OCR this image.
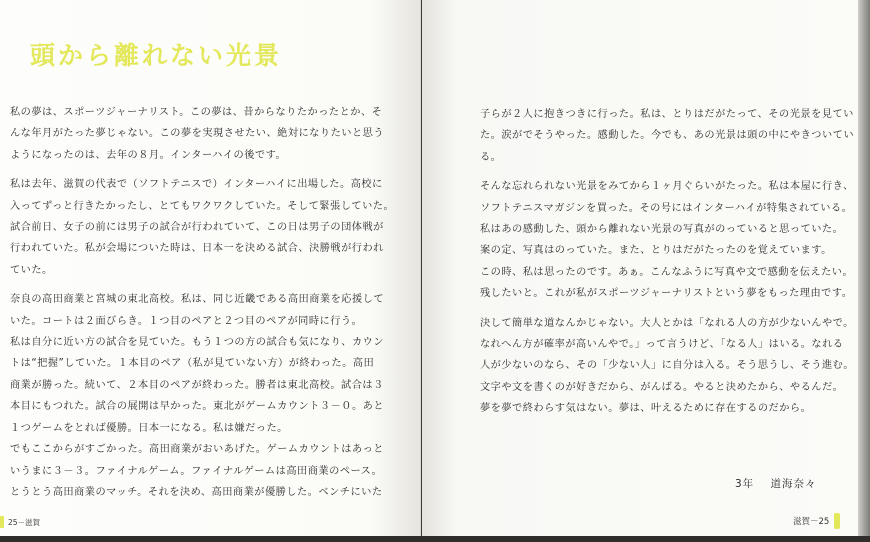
頭から離れない光景
私の夢は、スポーツジャーナリスト。この夢は、昔からなりたかったとか、そ
んな年月がたった夢じゃない。この夢を実現させたい、絶対になりたいと思う
ようになったのは、去年の８月。インターハイの後です。
私は去年、滋賀の代表で（ソフトテニスで）インターハイに出場した。高校に
入ってずっと行きたかったし、とてもワクワクしていた。そして緊張していた。
試合前日、女子の前には男子の試合が行われていて、この日は男子の団体戦が
行われていた。私が会場についた時は、日本一を決める試合、決勝戦が行われ
ていた。
奈良の高田商業と宮城の東北高校。私は、同じ近畿である高田商業を応援して
いた。コートは２面びらき。１つ目のペアと２つ目のペアが同時に行う。
私は自分に近い方の試合を見ていた。もう１つの方の試合も気になり、カウン
トは“把握”していた。１本目のペア（私が見ていない方）が終わった。高田
商業が勝った。続いて、２本目のペアが終わった。勝者は東北高校。試合は３
本目にもつれた。試合の展開は早かった。東北がゲームカウント３－０。あと
１つゲームをとれば優勝。日本一になる。私は嫌だった。
でもここからがすごかった。高田商業がおいあげた。ゲームカウントはあっと
いうまに３－３。ファイナルゲーム。ファイナルゲームは高田商業のペース。
とうとう高田商業のマッチ。それを決め、高田商業が優勝した。ベンチにいた
子らが２人に抱きつきに行った。私は、とりはだがたって、その光景を見てい
た。涙がでそうやった。感動した。今でも、あの光景は頭の中にやきついてい
る。
そんな忘れられない光景をみてから１ヶ月ぐらいがたった。私は本屋に行き、
ソフトテニスマガジンを買った。その号にはインターハイが特集されている。
私はあの感動した、頭から離れない光景の写真がのっていると思っていた。
案の定、写真はのっていた。また、とりはだがたったのを覚えています。
この時、私は思ったのです。あぁ。こんなふうに写真や文で感動を伝えたい。
残したいと。これが私がスポーツジャーナリストという夢をもった理由です。
決して簡単な道なんかじゃない。大人とかは「なれる人の方が少ないんやで。
なれへん方が確率が高いんやで。」って言うけど、「なる人」はいる。なれる
人が少ないのなら、その「少ない人」に自分は入る。そう思うし、そう進む。
文字や文を書くのが好きだから、がんばる。やると決めたから、やるんだ。
夢を夢で終わらす気はない。夢は、叶えるために存在するのだから。
3年 道海奈々
25－滋賀	滋賀－25
